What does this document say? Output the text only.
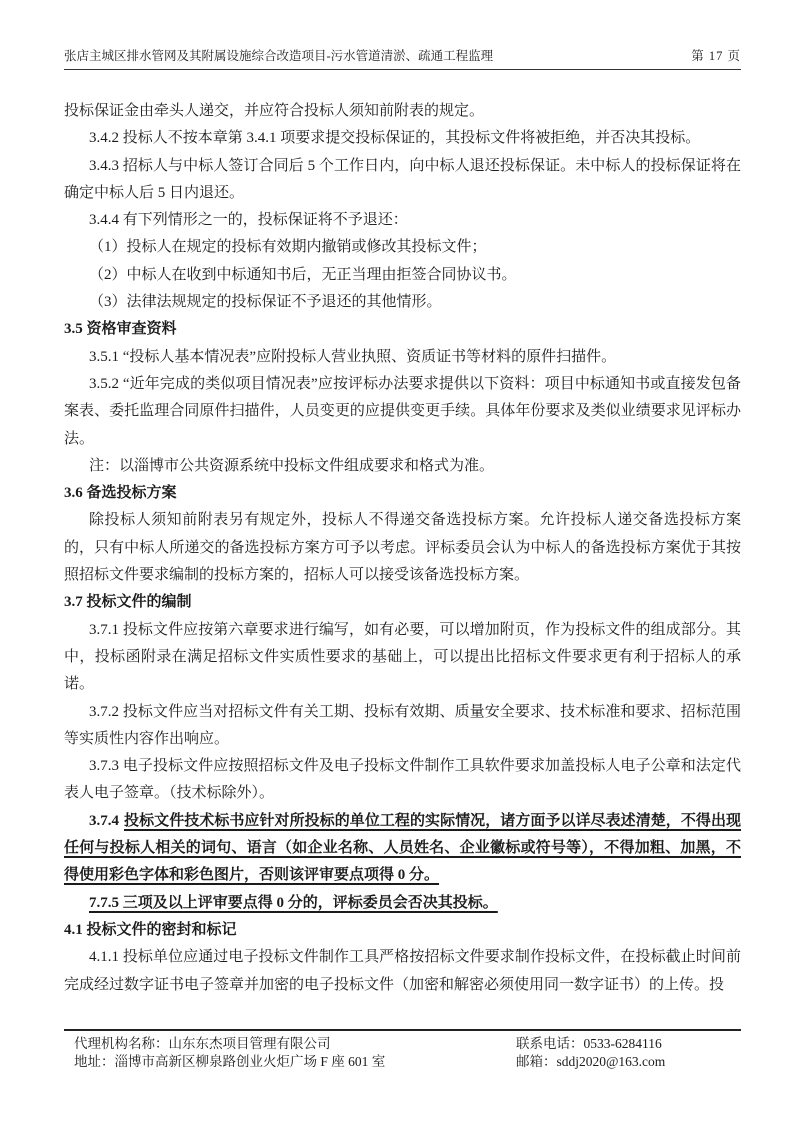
张店主城区排水管网及其附属设施综合改造项目-污水管道清淤、疏通工程监理	第 17 页

投标保证金由牵头人递交，并应符合投标人须知前附表的规定。

3.4.2 投标人不按本章第 3.4.1 项要求提交投标保证的，其投标文件将被拒绝，并否决其投标。

3.4.3 招标人与中标人签订合同后 5 个工作日内，向中标人退还投标保证。未中标人的投标保证将在确定中标人后 5 日内退还。

3.4.4 有下列情形之一的，投标保证将不予退还：

（1）投标人在规定的投标有效期内撤销或修改其投标文件；

（2）中标人在收到中标通知书后，无正当理由拒签合同协议书。

（3）法律法规规定的投标保证不予退还的其他情形。

3.5 资格审查资料

3.5.1 “投标人基本情况表”应附投标人营业执照、资质证书等材料的原件扫描件。

3.5.2 “近年完成的类似项目情况表”应按评标办法要求提供以下资料：项目中标通知书或直接发包备案表、委托监理合同原件扫描件，人员变更的应提供变更手续。具体年份要求及类似业绩要求见评标办法。

注：以淄博市公共资源系统中投标文件组成要求和格式为准。

3.6 备选投标方案

除投标人须知前附表另有规定外，投标人不得递交备选投标方案。允许投标人递交备选投标方案的，只有中标人所递交的备选投标方案方可予以考虑。评标委员会认为中标人的备选投标方案优于其按照招标文件要求编制的投标方案的，招标人可以接受该备选投标方案。

3.7 投标文件的编制

3.7.1 投标文件应按第六章要求进行编写，如有必要，可以增加附页，作为投标文件的组成部分。其中，投标函附录在满足招标文件实质性要求的基础上，可以提出比招标文件要求更有利于招标人的承诺。

3.7.2 投标文件应当对招标文件有关工期、投标有效期、质量安全要求、技术标准和要求、招标范围等实质性内容作出响应。

3.7.3 电子投标文件应按照招标文件及电子投标文件制作工具软件要求加盖投标人电子公章和法定代表人电子签章。（技术标除外）。

3.7.4 投标文件技术标书应针对所投标的单位工程的实际情况，诸方面予以详尽表述清楚，不得出现任何与投标人相关的词句、语言（如企业名称、人员姓名、企业徽标或符号等），不得加粗、加黑，不得使用彩色字体和彩色图片，否则该评审要点项得 0 分。

7.7.5 三项及以上评审要点得 0 分的，评标委员会否决其投标。

4.1 投标文件的密封和标记

4.1.1 投标单位应通过电子投标文件制作工具严格按招标文件要求制作投标文件，在投标截止时间前完成经过数字证书电子签章并加密的电子投标文件（加密和解密必须使用同一数字证书）的上传。投

代理机构名称：山东东杰项目管理有限公司	联系电话：0533-6284116
地址：淄博市高新区柳泉路创业火炬广场 F 座 601 室	邮箱：sddj2020@163.com
